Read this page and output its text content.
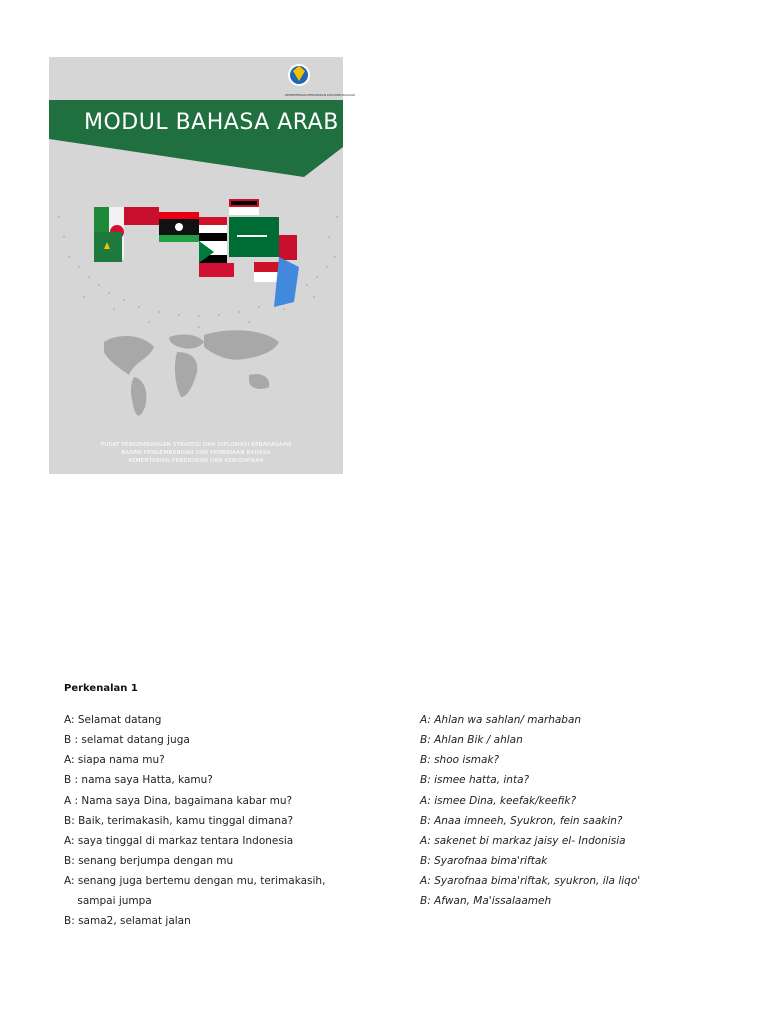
KEMENTERIAN PENDIDIKAN DAN KEBUDAYAAN
MODUL BAHASA ARAB
PUSAT PENGEMBANGAN STRATEGI DAN DIPLOMASI KEBAHASAAN
BADAN PENGEMBANGAN DAN PEMBINAAN BAHASA
KEMENTERIAN PENDIDIKAN DAN KEBUDAYAAN
Perkenalan 1
A: Selamat datang
B : selamat datang juga
A: siapa nama mu?
B : nama saya Hatta, kamu?
A : Nama saya Dina, bagaimana kabar mu?
B: Baik, terimakasih, kamu tinggal dimana?
A: saya tinggal di markaz tentara Indonesia
B: senang berjumpa dengan mu
A: senang juga bertemu dengan mu, terimakasih,
sampai jumpa
B: sama2, selamat jalan
A: Ahlan wa sahlan/ marhaban
B: Ahlan Bik / ahlan
B: shoo ismak?
B: ismee hatta, inta?
A: ismee Dina, keefak/keefik?
B: Anaa imneeh, Syukron, fein saakin?
A: sakenet bi markaz jaisy el- Indonisia
B: Syarofnaa bima'riftak
A: Syarofnaa bima'riftak, syukron, ila liqo'
B: Afwan, Ma'issalaameh
